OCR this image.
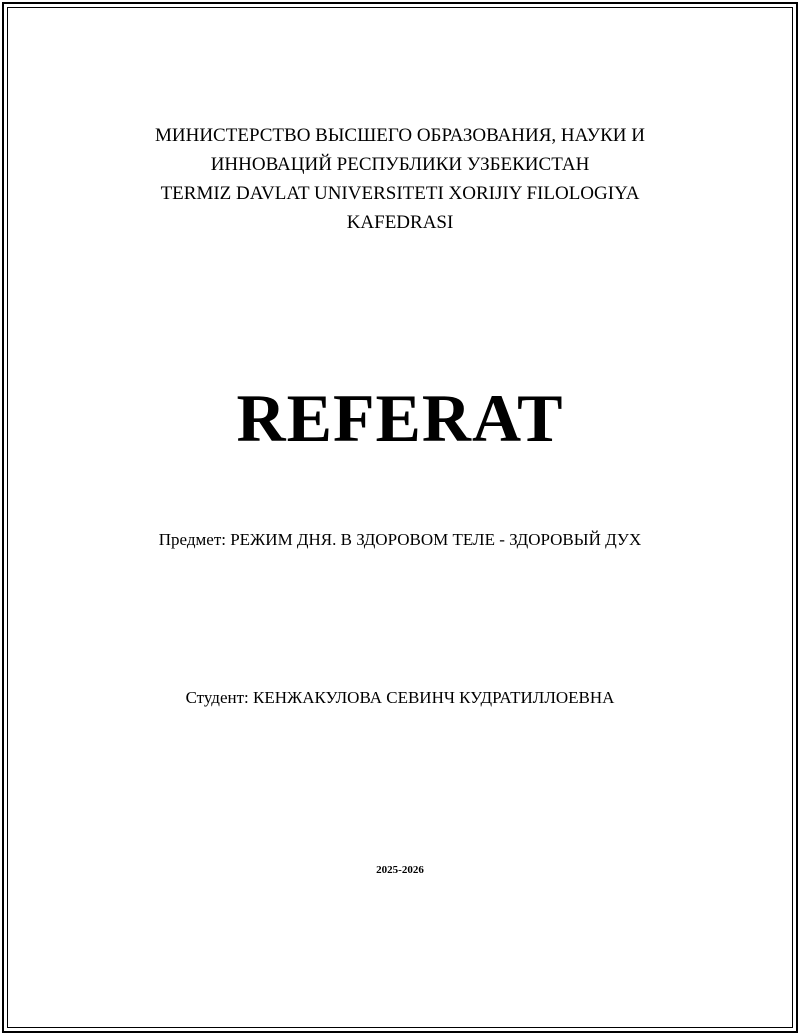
МИНИСТЕРСТВО ВЫСШЕГО ОБРАЗОВАНИЯ, НАУКИ И
ИННОВАЦИЙ РЕСПУБЛИКИ УЗБЕКИСТАН
TERMIZ DAVLAT UNIVERSITETI XORIJIY FILOLOGIYA
KAFEDRASI
REFERAT
Предмет: РЕЖИМ ДНЯ. В ЗДОРОВОМ ТЕЛЕ - ЗДОРОВЫЙ ДУХ
Студент: КЕНЖАКУЛОВА СЕВИНЧ КУДРАТИЛЛОЕВНА
2025-2026
